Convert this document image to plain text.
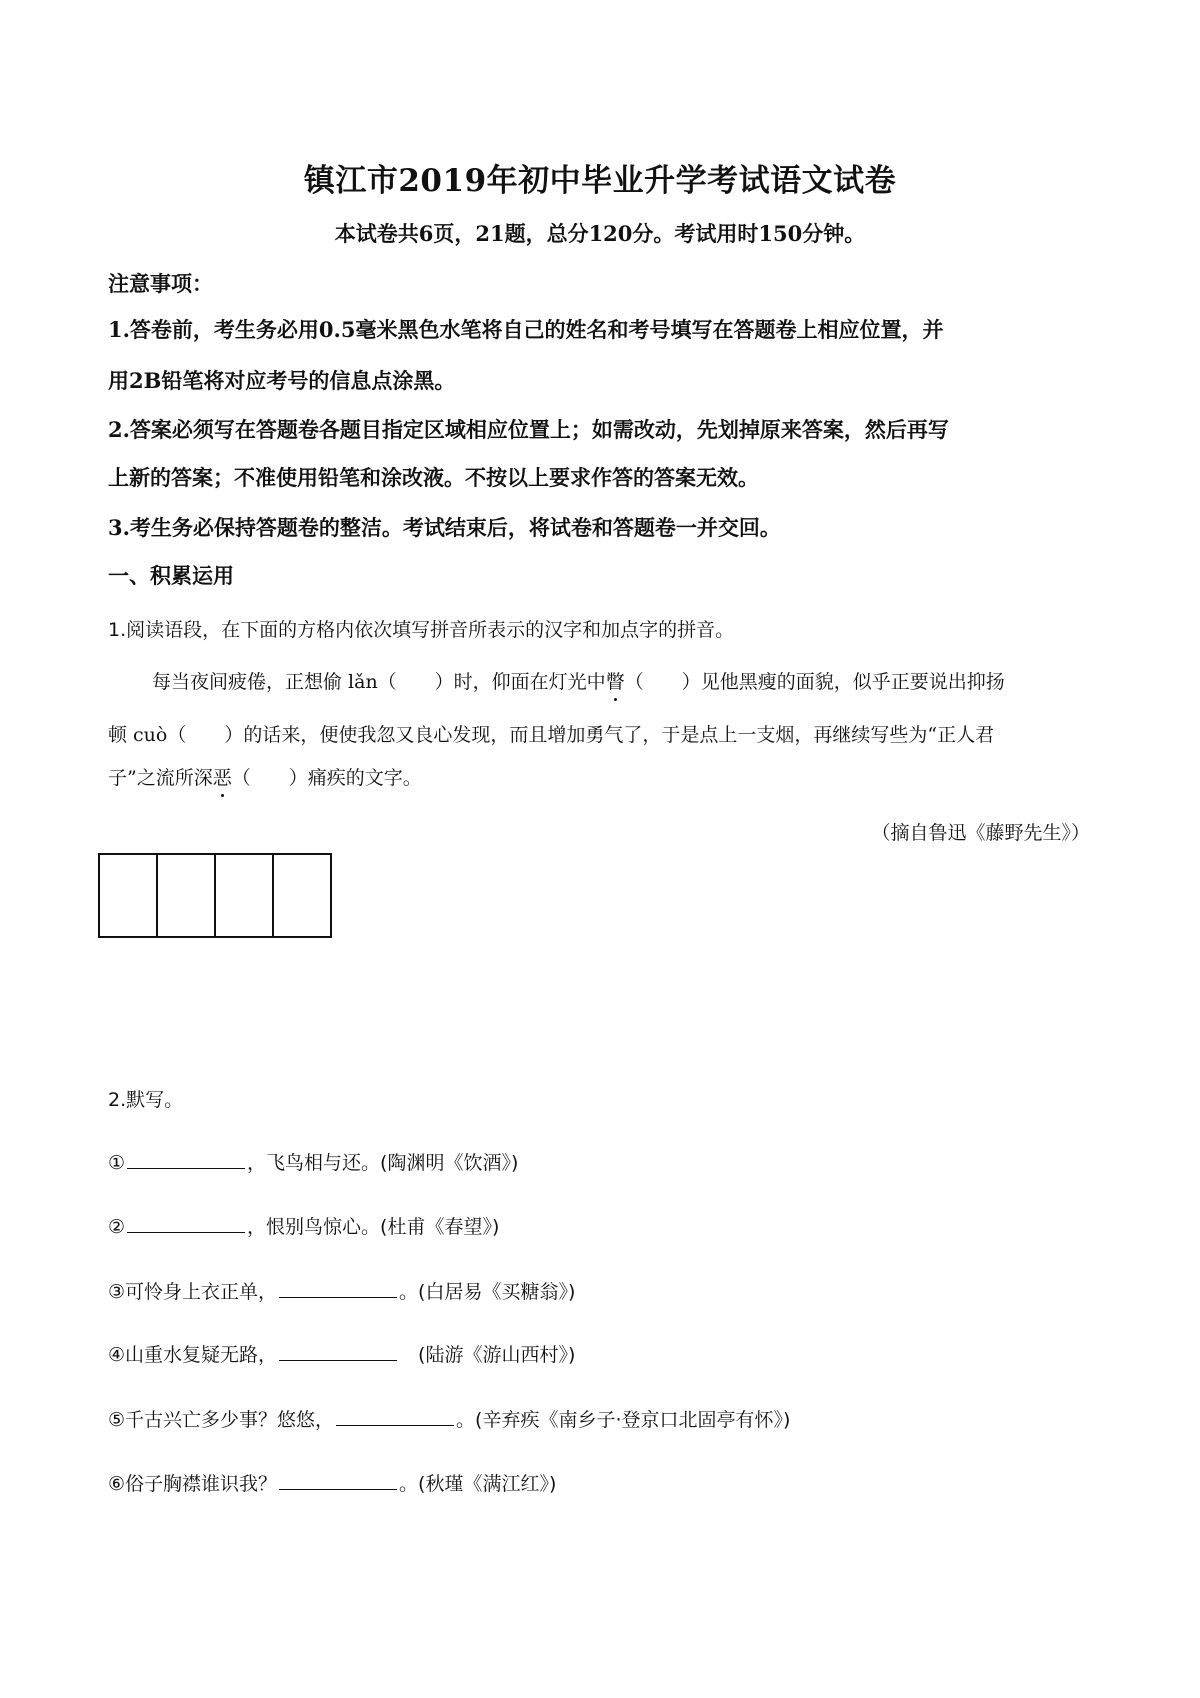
镇江市2019年初中毕业升学考试语文试卷
本试卷共6页，21题，总分120分。考试用时150分钟。
注意事项：
1.答卷前，考生务必用0.5毫米黑色水笔将自己的姓名和考号填写在答题卷上相应位置，并
用2B铅笔将对应考号的信息点涂黑。
2.答案必须写在答题卷各题目指定区域相应位置上；如需改动，先划掉原来答案，然后再写
上新的答案；不准使用铅笔和涂改液。不按以上要求作答的答案无效。
3.考生务必保持答题卷的整洁。考试结束后，将试卷和答题卷一并交回。
一、积累运用
1.阅读语段，在下面的方格内依次填写拼音所表示的汉字和加点字的拼音。
每当夜间疲倦，正想偷 lǎn（　　）时，仰面在灯光中瞥（　　）见他黑瘦的面貌，似乎正要说出抑扬
顿 cuò（　　）的话来，便使我忽又良心发现，而且增加勇气了，于是点上一支烟，再继续写些为“正人君
子”之流所深恶（　　）痛疾的文字。
（摘自鲁迅《藤野先生》）
2.默写。
①	，飞鸟相与还。(陶渊明《饮酒》)
②	，恨别鸟惊心。(杜甫《春望》)
③可怜身上衣正单，	。(白居易《买糖翁》)
④山重水复疑无路，	　(陆游《游山西村》)
⑤千古兴亡多少事？悠悠，	。(辛弃疾《南乡子·登京口北固亭有怀》)
⑥俗子胸襟谁识我？	。(秋瑾《满江红》)
